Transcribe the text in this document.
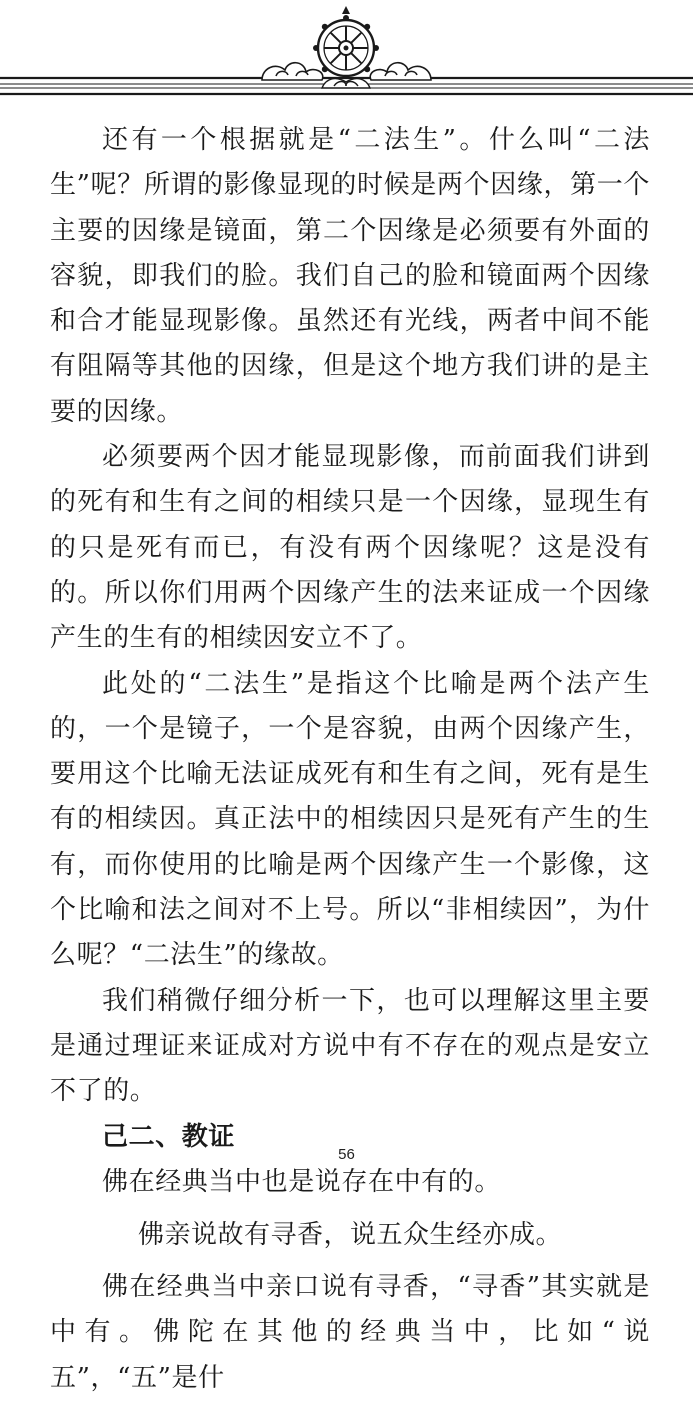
还有一个根据就是“二法生”。什么叫“二法生”呢？所谓的影像显现的时候是两个因缘，第一个主要的因缘是镜面，第二个因缘是必须要有外面的容貌，即我们的脸。我们自己的脸和镜面两个因缘和合才能显现影像。虽然还有光线，两者中间不能有阻隔等其他的因缘，但是这个地方我们讲的是主要的因缘。

必须要两个因才能显现影像，而前面我们讲到的死有和生有之间的相续只是一个因缘，显现生有的只是死有而已，有没有两个因缘呢？这是没有的。所以你们用两个因缘产生的法来证成一个因缘产生的生有的相续因安立不了。

此处的“二法生”是指这个比喻是两个法产生的，一个是镜子，一个是容貌，由两个因缘产生，要用这个比喻无法证成死有和生有之间，死有是生有的相续因。真正法中的相续因只是死有产生的生有，而你使用的比喻是两个因缘产生一个影像，这个比喻和法之间对不上号。所以“非相续因”，为什么呢？“二法生”的缘故。

我们稍微仔细分析一下，也可以理解这里主要是通过理证来证成对方说中有不存在的观点是安立不了的。

己二、教证

佛在经典当中也是说存在中有的。

佛亲说故有寻香，说五众生经亦成。

佛在经典当中亲口说有寻香，“寻香”其实就是中有。佛陀在其他的经典当中，比如“说五”，“五”是什

56
